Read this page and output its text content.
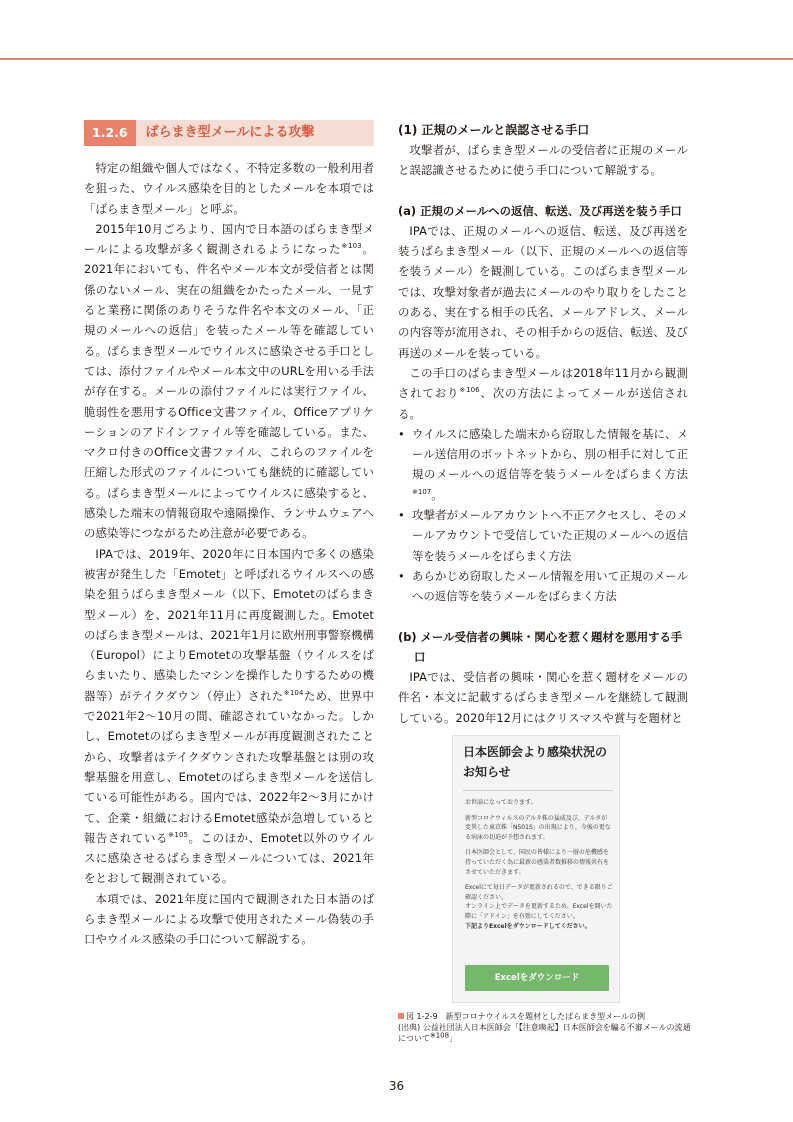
1.2.6	ばらまき型メールによる攻撃

特定の組織や個人ではなく、不特定多数の一般利用者を狙った、ウイルス感染を目的としたメールを本項では「ばらまき型メール」と呼ぶ。

2015年10月ごろより、国内で日本語のばらまき型メールによる攻撃が多く観測されるようになった$^{※103}$。2021年においても、件名やメール本文が受信者とは関係のないメール、実在の組織をかたったメール、一見すると業務に関係のありそうな件名や本文のメール、「正規のメールへの返信」を装ったメール等を確認している。ばらまき型メールでウイルスに感染させる手口としては、添付ファイルやメール本文中のURLを用いる手法が存在する。メールの添付ファイルには実行ファイル、脆弱性を悪用するOffice文書ファイル、Officeアプリケーションのアドインファイル等を確認している。また、マクロ付きのOffice文書ファイル、これらのファイルを圧縮した形式のファイルについても継続的に確認している。ばらまき型メールによってウイルスに感染すると、感染した端末の情報窃取や遠隔操作、ランサムウェアへの感染等につながるため注意が必要である。

IPAでは、2019年、2020年に日本国内で多くの感染被害が発生した「Emotet」と呼ばれるウイルスへの感染を狙うばらまき型メール（以下、Emotetのばらまき型メール）を、2021年11月に再度観測した。Emotetのばらまき型メールは、2021年1月に欧州刑事警察機構（Europol）によりEmotetの攻撃基盤（ウイルスをばらまいたり、感染したマシンを操作したりするための機器等）がテイクダウン（停止）された$^{※104}$ため、世界中で2021年2～10月の間、確認されていなかった。しかし、Emotetのばらまき型メールが再度観測されたことから、攻撃者はテイクダウンされた攻撃基盤とは別の攻撃基盤を用意し、Emotetのばらまき型メールを送信している可能性がある。国内では、2022年2～3月にかけて、企業・組織におけるEmotet感染が急増していると報告されている$^{※105}$。このほか、Emotet以外のウイルスに感染させるばらまき型メールについては、2021年をとおして観測されている。

本項では、2021年度に国内で観測された日本語のばらまき型メールによる攻撃で使用されたメール偽装の手口やウイルス感染の手口について解説する。

(1) 正規のメールと誤認させる手口

攻撃者が、ばらまき型メールの受信者に正規のメールと誤認識させるために使う手口について解説する。

(a) 正規のメールへの返信、転送、及び再送を装う手口

IPAでは、正規のメールへの返信、転送、及び再送を装うばらまき型メール（以下、正規のメールへの返信等を装うメール）を観測している。このばらまき型メールでは、攻撃対象者が過去にメールのやり取りをしたことのある、実在する相手の氏名、メールアドレス、メールの内容等が流用され、その相手からの返信、転送、及び再送のメールを装っている。

この手口のばらまき型メールは2018年11月から観測されており$^{※106}$、次の方法によってメールが送信される。

• ウイルスに感染した端末から窃取した情報を基に、メール送信用のボットネットから、別の相手に対して正規のメールへの返信等を装うメールをばらまく方法$^{※107}$。
• 攻撃者がメールアカウントへ不正アクセスし、そのメールアカウントで受信していた正規のメールへの返信等を装うメールをばらまく方法
• あらかじめ窃取したメール情報を用いて正規のメールへの返信等を装うメールをばらまく方法

(b) メール受信者の興味・関心を惹く題材を悪用する手口

IPAでは、受信者の興味・関心を惹く題材をメールの件名・本文に記載するばらまき型メールを継続して観測している。2020年12月にはクリスマスや賞与を題材と

日本医師会より感染状況のお知らせ

お世話になっております。

新型コロナウィルスのデルタ株の猛威及び、デルタが変異した東京株「N501S」の出現により、今後の更なる病床の切迫が予想されます。

日本医師会として、国民の皆様により一層の危機感を持っていただく為に最新の感染者数推移の情報共有をさせていただきます。

Excelにて毎日データが更新されるので、できる限りご確認ください。

オンライン上でデータを更新するため、Excelを開いた際に「アドイン」を有効にしてください。

下記よりExcelをダウンロードしてください。

Excelをダウンロード
図 1-2-9　新型コロナウイルスを題材としたばらまき型メールの例
(出典) 公益社団法人日本医師会「【注意喚起】日本医師会を騙る不審メールの流通について$^{※108}$」
36
